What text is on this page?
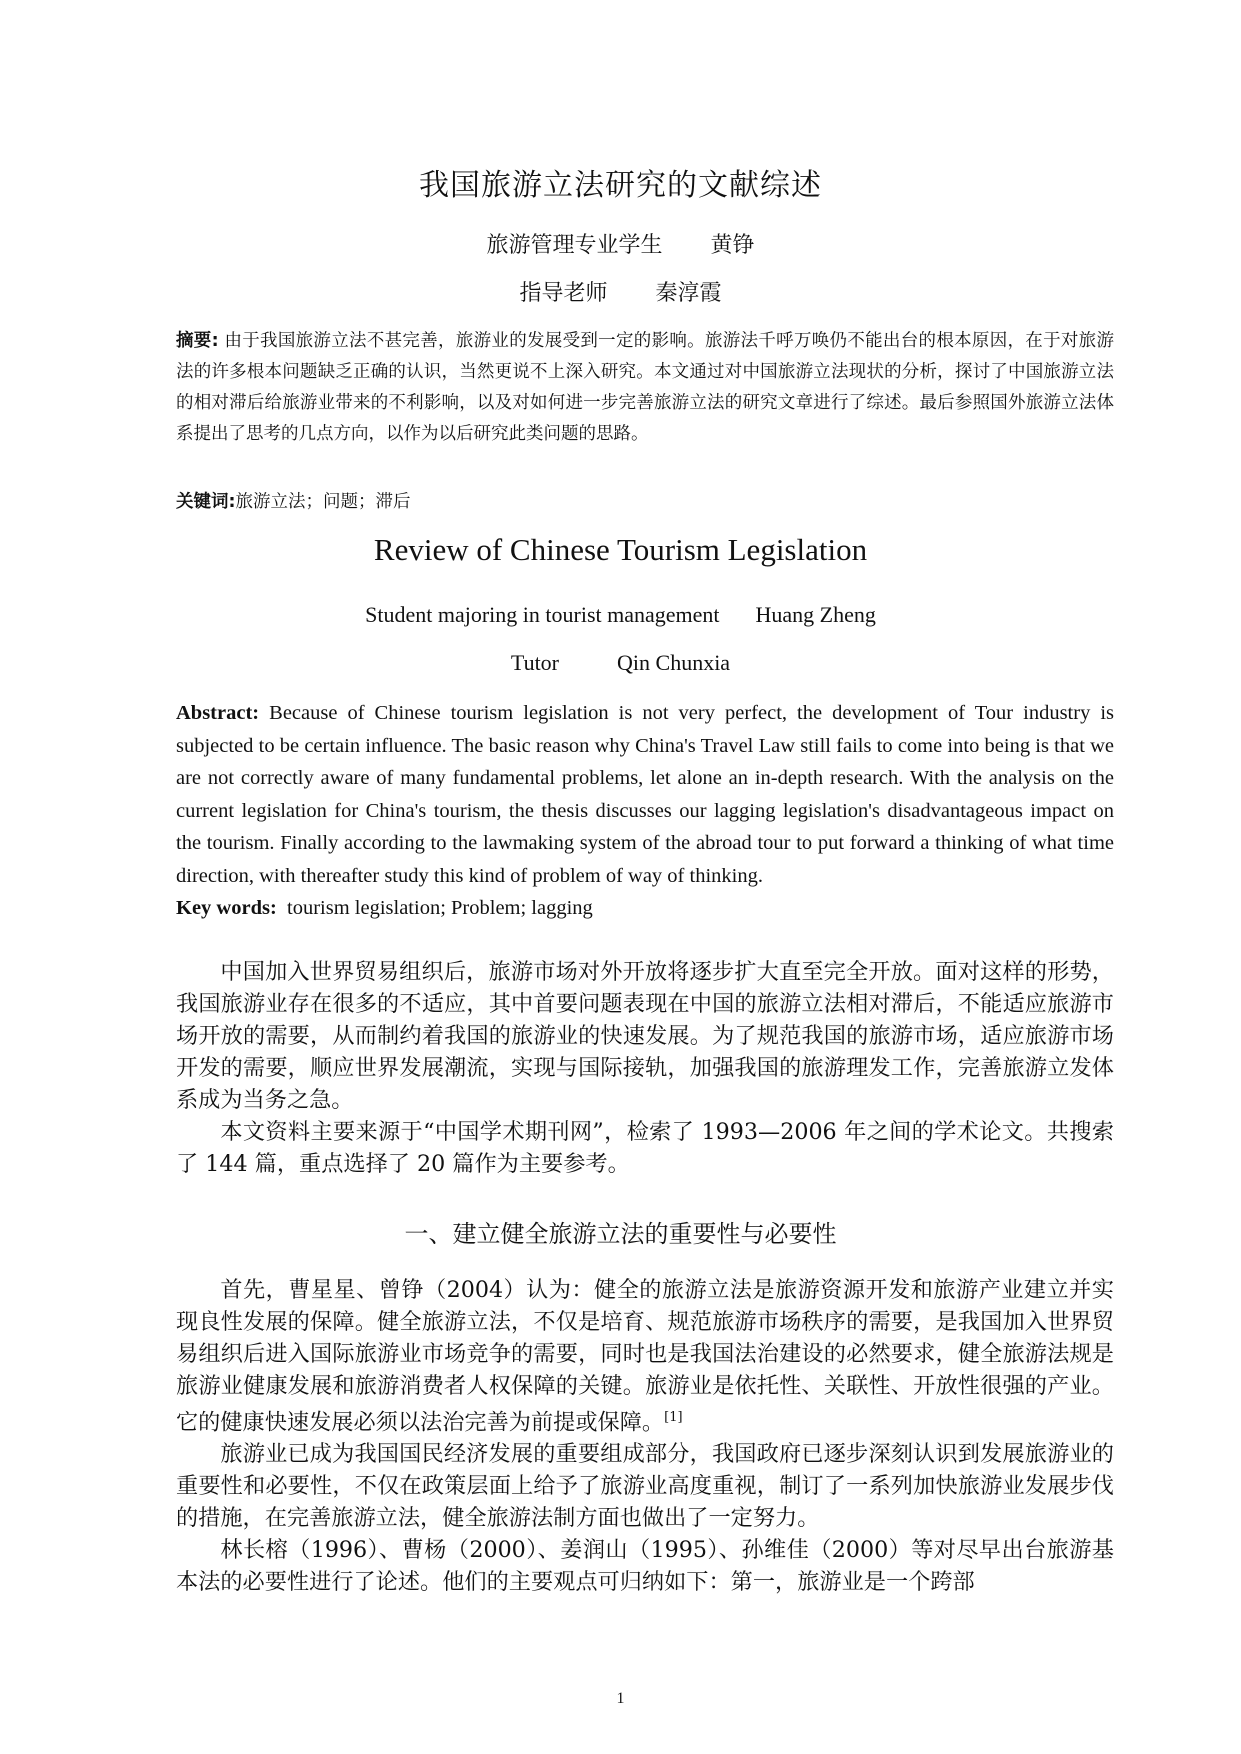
我国旅游立法研究的文献综述
旅游管理专业学生 黄铮
指导老师 秦淳霞
摘要: 由于我国旅游立法不甚完善，旅游业的发展受到一定的影响。旅游法千呼万唤仍不能出台的根本原因，在于对旅游法的许多根本问题缺乏正确的认识，当然更说不上深入研究。本文通过对中国旅游立法现状的分析，探讨了中国旅游立法的相对滞后给旅游业带来的不利影响，以及对如何进一步完善旅游立法的研究文章进行了综述。最后参照国外旅游立法体系提出了思考的几点方向，以作为以后研究此类问题的思路。
关键词:旅游立法；问题；滞后
Review of Chinese Tourism Legislation
Student majoring in tourist management Huang Zheng
Tutor	Qin Chunxia
Abstract: Because of Chinese tourism legislation is not very perfect, the development of Tour industry is subjected to be certain influence. The basic reason why China's Travel Law still fails to come into being is that we are not correctly aware of many fundamental problems, let alone an in-depth research. With the analysis on the current legislation for China's tourism, the thesis discusses our lagging legislation's disadvantageous impact on the tourism. Finally according to the lawmaking system of the abroad tour to put forward a thinking of what time direction, with thereafter study this kind of problem of way of thinking.
Key words: tourism legislation; Problem; lagging

中国加入世界贸易组织后，旅游市场对外开放将逐步扩大直至完全开放。面对这样的形势，我国旅游业存在很多的不适应，其中首要问题表现在中国的旅游立法相对滞后，不能适应旅游市场开放的需要，从而制约着我国的旅游业的快速发展。为了规范我国的旅游市场，适应旅游市场开发的需要，顺应世界发展潮流，实现与国际接轨，加强我国的旅游理发工作，完善旅游立发体系成为当务之急。

本文资料主要来源于“中国学术期刊网”，检索了 1993—2006 年之间的学术论文。共搜索了 144 篇，重点选择了 20 篇作为主要参考。

一、建立健全旅游立法的重要性与必要性

首先，曹星星、曾铮（2004）认为：健全的旅游立法是旅游资源开发和旅游产业建立并实现良性发展的保障。健全旅游立法，不仅是培育、规范旅游市场秩序的需要，是我国加入世界贸易组织后进入国际旅游业市场竞争的需要，同时也是我国法治建设的必然要求，健全旅游法规是旅游业健康发展和旅游消费者人权保障的关键。旅游业是依托性、关联性、开放性很强的产业。它的健康快速发展必须以法治完善为前提或保障。[1]

旅游业已成为我国国民经济发展的重要组成部分，我国政府已逐步深刻认识到发展旅游业的重要性和必要性，不仅在政策层面上给予了旅游业高度重视，制订了一系列加快旅游业发展步伐的措施，在完善旅游立法，健全旅游法制方面也做出了一定努力。

林长榕（1996）、曹杨（2000）、姜润山（1995）、孙维佳（2000）等对尽早出台旅游基本法的必要性进行了论述。他们的主要观点可归纳如下：第一，旅游业是一个跨部

1
